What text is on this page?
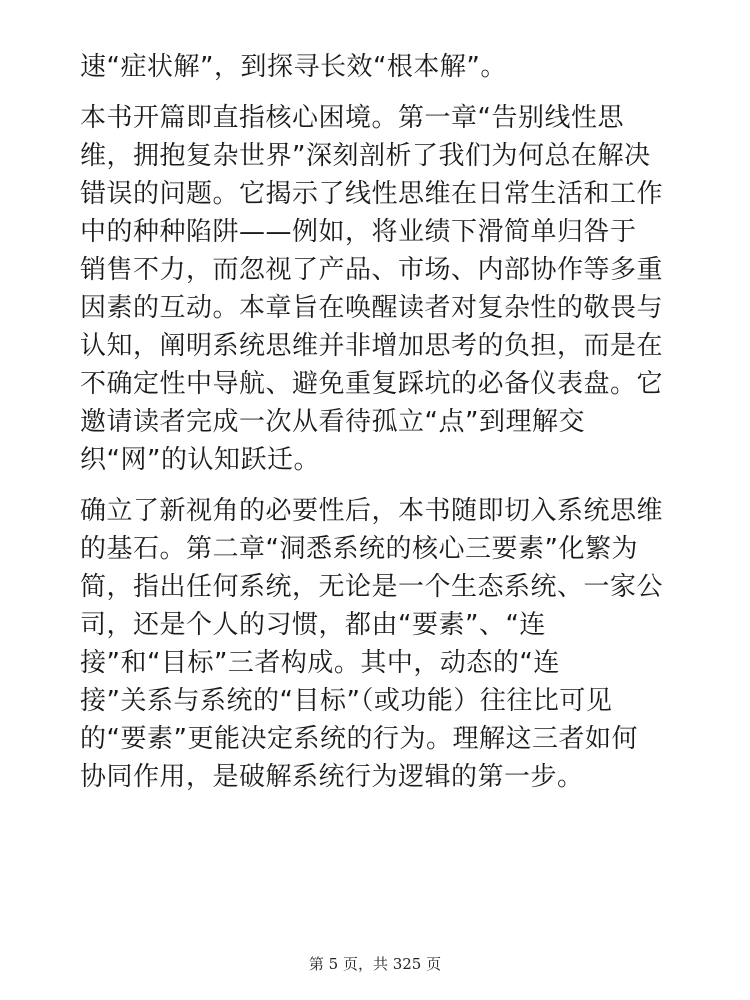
速“症状解”，到探寻长效“根本解”。

本书开篇即直指核心困境。第一章“告别线性思
维，拥抱复杂世界”深刻剖析了我们为何总在解决
错误的问题。它揭示了线性思维在日常生活和工作
中的种种陷阱——例如，将业绩下滑简单归咎于
销售不力，而忽视了产品、市场、内部协作等多重
因素的互动。本章旨在唤醒读者对复杂性的敬畏与
认知，阐明系统思维并非增加思考的负担，而是在
不确定性中导航、避免重复踩坑的必备仪表盘。它
邀请读者完成一次从看待孤立“点”到理解交
织“网”的认知跃迁。

确立了新视角的必要性后，本书随即切入系统思维
的基石。第二章“洞悉系统的核心三要素”化繁为
简，指出任何系统，无论是一个生态系统、一家公
司，还是个人的习惯，都由“要素”、“连
接”和“目标”三者构成。其中，动态的“连
接”关系与系统的“目标”（或功能）往往比可见
的“要素”更能决定系统的行为。理解这三者如何
协同作用，是破解系统行为逻辑的第一步。

第 5 页，共 325 页
